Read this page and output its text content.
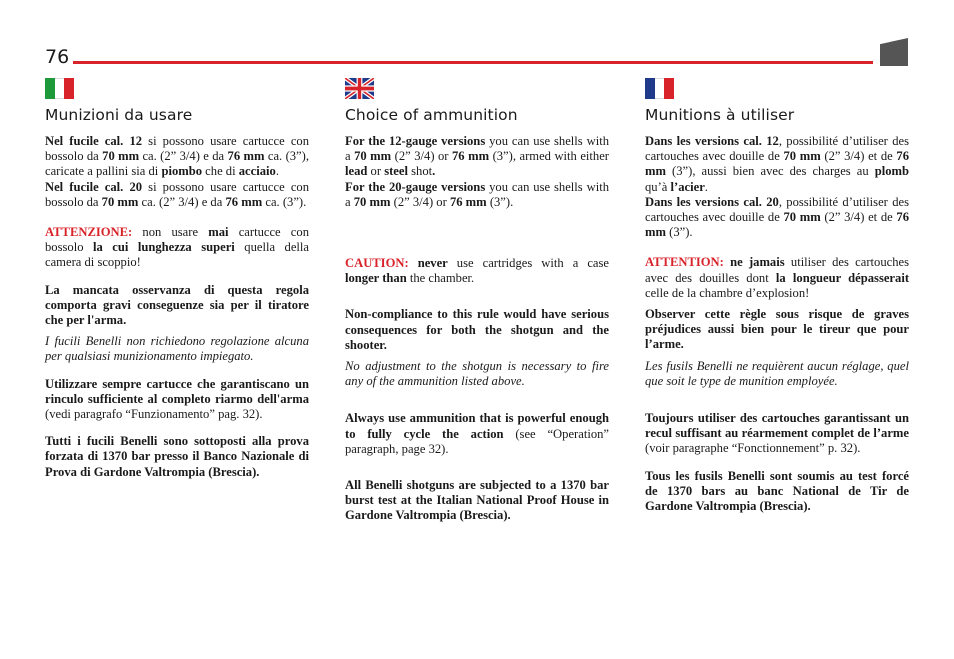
76
Munizioni da usare

Nel fucile cal. 12 si possono usare cartucce con bossolo da 70 mm ca. (2” 3/4) e da 76 mm ca. (3”), caricate a pallini sia di piombo che di acciaio.

Nel fucile cal. 20 si possono usare cartucce con bossolo da 70 mm ca. (2” 3/4) e da 76 mm ca. (3”).

ATTENZIONE: non usare mai cartucce con bossolo la cui lunghezza superi quella della camera di scoppio!

La mancata osservanza di questa regola comporta gravi conseguenze sia per il tiratore che per l'arma.

I fucili Benelli non richiedono regolazione alcuna per qualsiasi munizionamento impiegato.

Utilizzare sempre cartucce che garantiscano un rinculo sufficiente al completo riarmo dell'arma (vedi paragrafo “Funzionamento” pag. 32).

Tutti i fucili Benelli sono sottoposti alla prova forzata di 1370 bar presso il Banco Nazionale di Prova di Gardone Valtrompia (Brescia).

Choice of ammunition

For the 12-gauge versions you can use shells with a 70 mm (2” 3/4) or 76 mm (3”), armed with either lead or steel shot.

For the 20-gauge versions you can use shells with a 70 mm (2” 3/4) or 76 mm (3”).

CAUTION: never use cartridges with a case longer than the chamber.

Non-compliance to this rule would have serious consequences for both the shotgun and the shooter.

No adjustment to the shotgun is necessary to fire any of the ammunition listed above.

Always use ammunition that is powerful enough to fully cycle the action (see “Operation” paragraph, page 32).

All Benelli shotguns are subjected to a 1370 bar burst test at the Italian National Proof House in Gardone Valtrompia (Brescia).

Munitions à utiliser

Dans les versions cal. 12, possibilité d’utiliser des cartouches avec douille de 70 mm (2” 3/4) et de 76 mm (3”), aussi bien avec des charges au plomb qu’à l’acier.

Dans les versions cal. 20, possibilité d’utiliser des cartouches avec douille de 70 mm (2” 3/4) et de 76 mm (3”).

ATTENTION: ne jamais utiliser des cartouches avec des douilles dont la longueur dépasserait celle de la chambre d’explosion!

Observer cette règle sous risque de graves préjudices aussi bien pour le tireur que pour l’arme.

Les fusils Benelli ne requièrent aucun réglage, quel que soit le type de munition employée.

Toujours utiliser des cartouches garantissant un recul suffisant au réarmement complet de l’arme (voir paragraphe “Fonctionnement” p. 32).

Tous les fusils Benelli sont soumis au test forcé de 1370 bars au banc National de Tir de Gardone Valtrompia (Brescia).
